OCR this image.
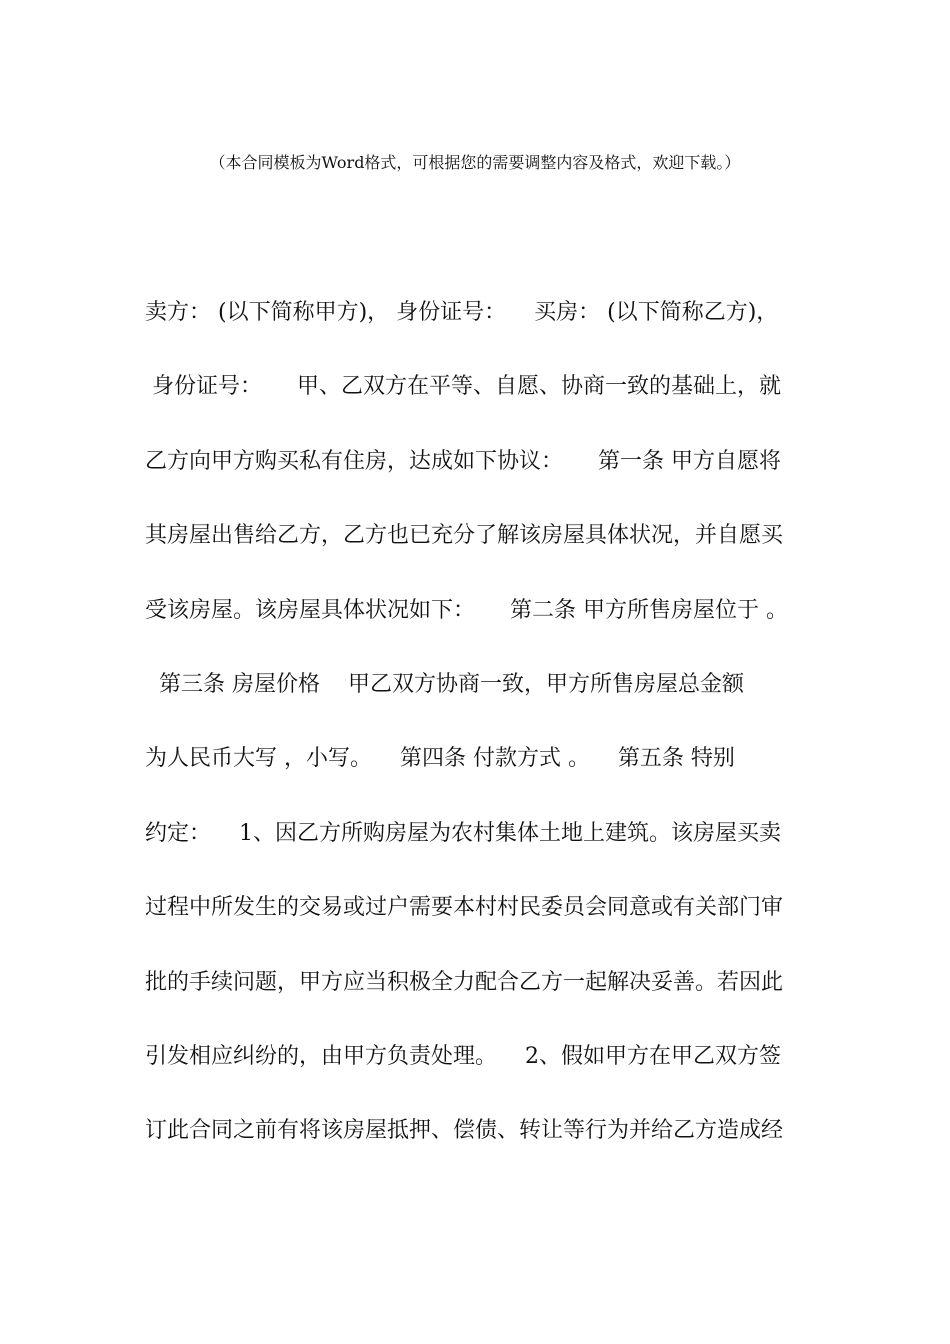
（本合同模板为Word格式，可根据您的需要调整内容及格式，欢迎下载。）
卖方： (以下简称甲方)， 身份证号：    买房： (以下简称乙方)，
身份证号：     甲、乙双方在平等、自愿、协商一致的基础上，就
乙方向甲方购买私有住房，达成如下协议：     第一条 甲方自愿将
其房屋出售给乙方，乙方也已充分了解该房屋具体状况，并自愿买
受该房屋。该房屋具体状况如下：     第二条 甲方所售房屋位于 。
第三条 房屋价格    甲乙双方协商一致，甲方所售房屋总金额
为人民币大写 ，小写。    第四条 付款方式 。    第五条 特别
约定：    1、因乙方所购房屋为农村集体土地上建筑。该房屋买卖
过程中所发生的交易或过户需要本村村民委员会同意或有关部门审
批的手续问题，甲方应当积极全力配合乙方一起解决妥善。若因此
引发相应纠纷的，由甲方负责处理。    2、假如甲方在甲乙双方签
订此合同之前有将该房屋抵押、偿债、转让等行为并给乙方造成经
